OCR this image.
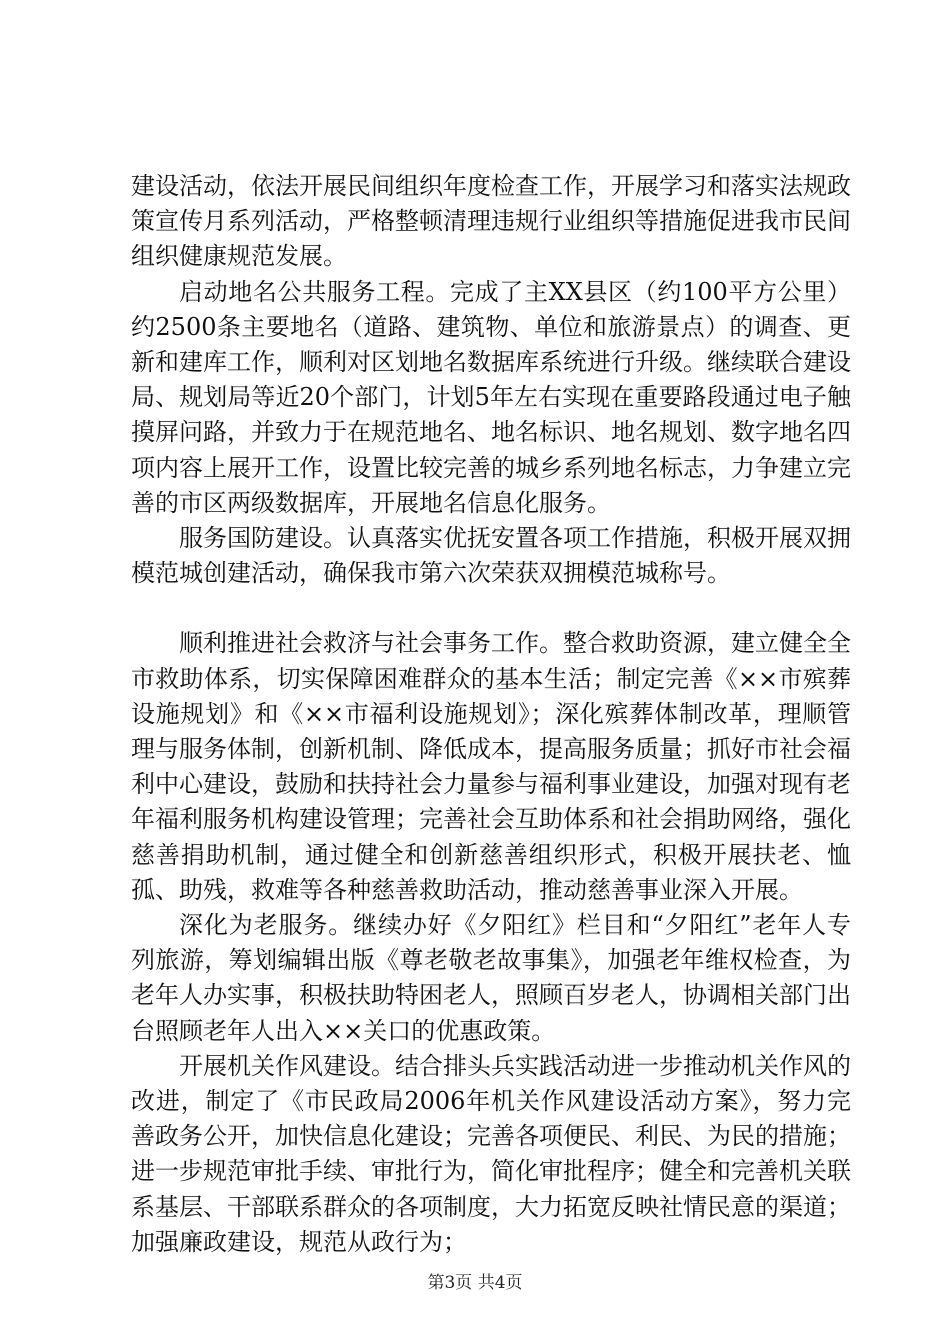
建设活动，依法开展民间组织年度检查工作，开展学习和落实法规政策宣传月系列活动，严格整顿清理违规行业组织等措施促进我市民间组织健康规范发展。

启动地名公共服务工程。完成了主XX县区（约100平方公里）约2500条主要地名（道路、建筑物、单位和旅游景点）的调查、更新和建库工作，顺利对区划地名数据库系统进行升级。继续联合建设局、规划局等近20个部门，计划5年左右实现在重要路段通过电子触摸屏问路，并致力于在规范地名、地名标识、地名规划、数字地名四项内容上展开工作，设置比较完善的城乡系列地名标志，力争建立完善的市区两级数据库，开展地名信息化服务。

服务国防建设。认真落实优抚安置各项工作措施，积极开展双拥模范城创建活动，确保我市第六次荣获双拥模范城称号。

顺利推进社会救济与社会事务工作。整合救助资源，建立健全全市救助体系，切实保障困难群众的基本生活；制定完善《××市殡葬设施规划》和《××市福利设施规划》；深化殡葬体制改革，理顺管理与服务体制，创新机制、降低成本，提高服务质量；抓好市社会福利中心建设，鼓励和扶持社会力量参与福利事业建设，加强对现有老年福利服务机构建设管理；完善社会互助体系和社会捐助网络，强化慈善捐助机制，通过健全和创新慈善组织形式，积极开展扶老、恤孤、助残，救难等各种慈善救助活动，推动慈善事业深入开展。

深化为老服务。继续办好《夕阳红》栏目和“夕阳红”老年人专列旅游，筹划编辑出版《尊老敬老故事集》，加强老年维权检查，为老年人办实事，积极扶助特困老人，照顾百岁老人，协调相关部门出台照顾老年人出入××关口的优惠政策。

开展机关作风建设。结合排头兵实践活动进一步推动机关作风的改进，制定了《市民政局2006年机关作风建设活动方案》，努力完善政务公开，加快信息化建设；完善各项便民、利民、为民的措施；进一步规范审批手续、审批行为，简化审批程序；健全和完善机关联系基层、干部联系群众的各项制度，大力拓宽反映社情民意的渠道；加强廉政建设，规范从政行为；

第3页 共4页
